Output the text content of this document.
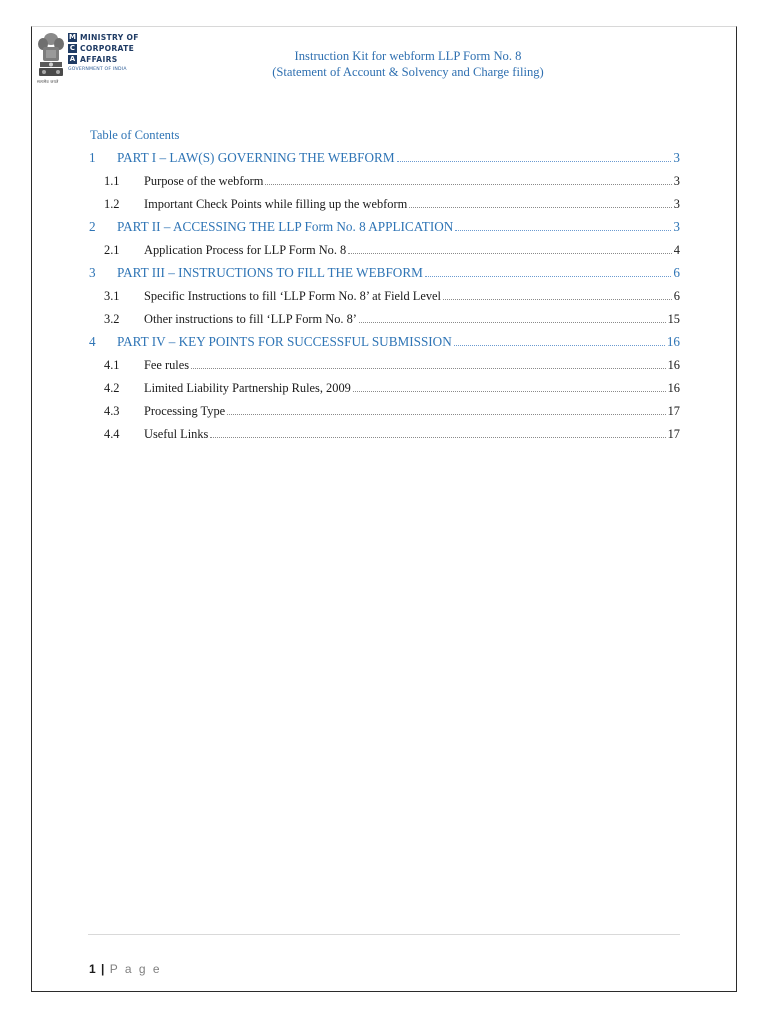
सत्यमेव जयते
M MINISTRY OF
C CORPORATE
A AFFAIRS
GOVERNMENT OF INDIA
Instruction Kit for webform LLP Form No. 8
(Statement of Account & Solvency and Charge filing)
Table of Contents
1	PART I – LAW(S) GOVERNING THE WEBFORM	3
1.1	Purpose of the webform	3
1.2	Important Check Points while filling up the webform	3
2	PART II – ACCESSING THE LLP Form No. 8 APPLICATION	3
2.1	Application Process for LLP Form No. 8	4
3	PART III – INSTRUCTIONS TO FILL THE WEBFORM	6
3.1	Specific Instructions to fill ‘LLP Form No. 8’ at Field Level	6
3.2	Other instructions to fill ‘LLP Form No. 8’	15
4	PART IV – KEY POINTS FOR SUCCESSFUL SUBMISSION	16
4.1	Fee rules	16
4.2	Limited Liability Partnership Rules, 2009	16
4.3	Processing Type	17
4.4	Useful Links	17
1 | P a g e
